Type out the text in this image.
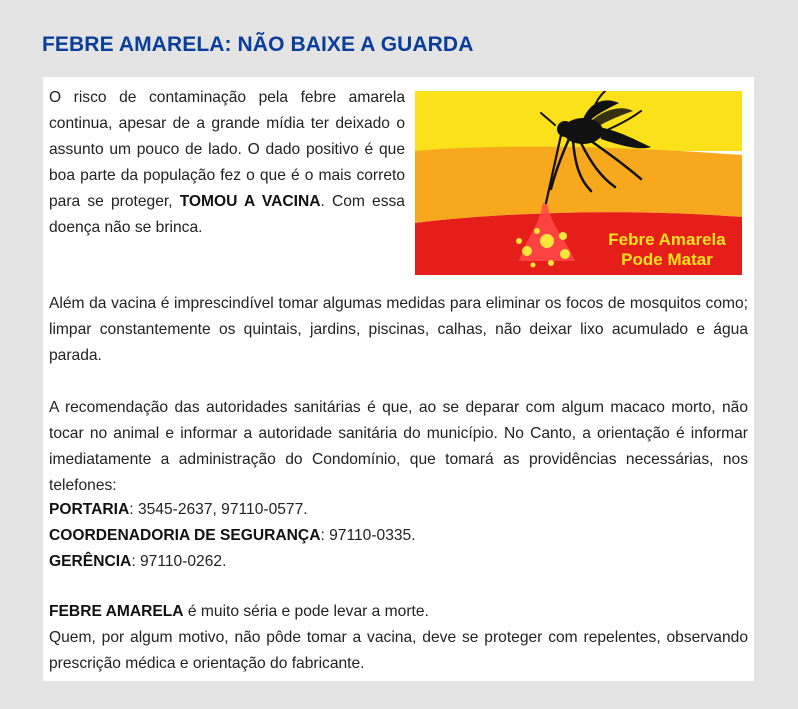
FEBRE AMARELA: NÃO BAIXE A GUARDA

O risco de contaminação pela febre amarela continua, apesar de a grande mídia ter deixado o assunto um pouco de lado. O dado positivo é que boa parte da população fez o que é o mais correto para se proteger, TOMOU A VACINA. Com essa doença não se brinca.

Febre Amarela
Pode Matar

Além da vacina é imprescindível tomar algumas medidas para eliminar os focos de mosquitos como; limpar constantemente os quintais, jardins, piscinas, calhas, não deixar lixo acumulado e água parada.

A recomendação das autoridades sanitárias é que, ao se deparar com algum macaco morto, não tocar no animal e informar a autoridade sanitária do município. No Canto, a orientação é informar imediatamente a administração do Condomínio, que tomará as providências necessárias, nos telefones:

PORTARIA: 3545-2637, 97110-0577.
COORDENADORIA DE SEGURANÇA: 97110-0335.
GERÊNCIA: 97110-0262.

FEBRE AMARELA é muito séria e pode levar a morte.

Quem, por algum motivo, não pôde tomar a vacina, deve se proteger com repelentes, observando prescrição médica e orientação do fabricante.
